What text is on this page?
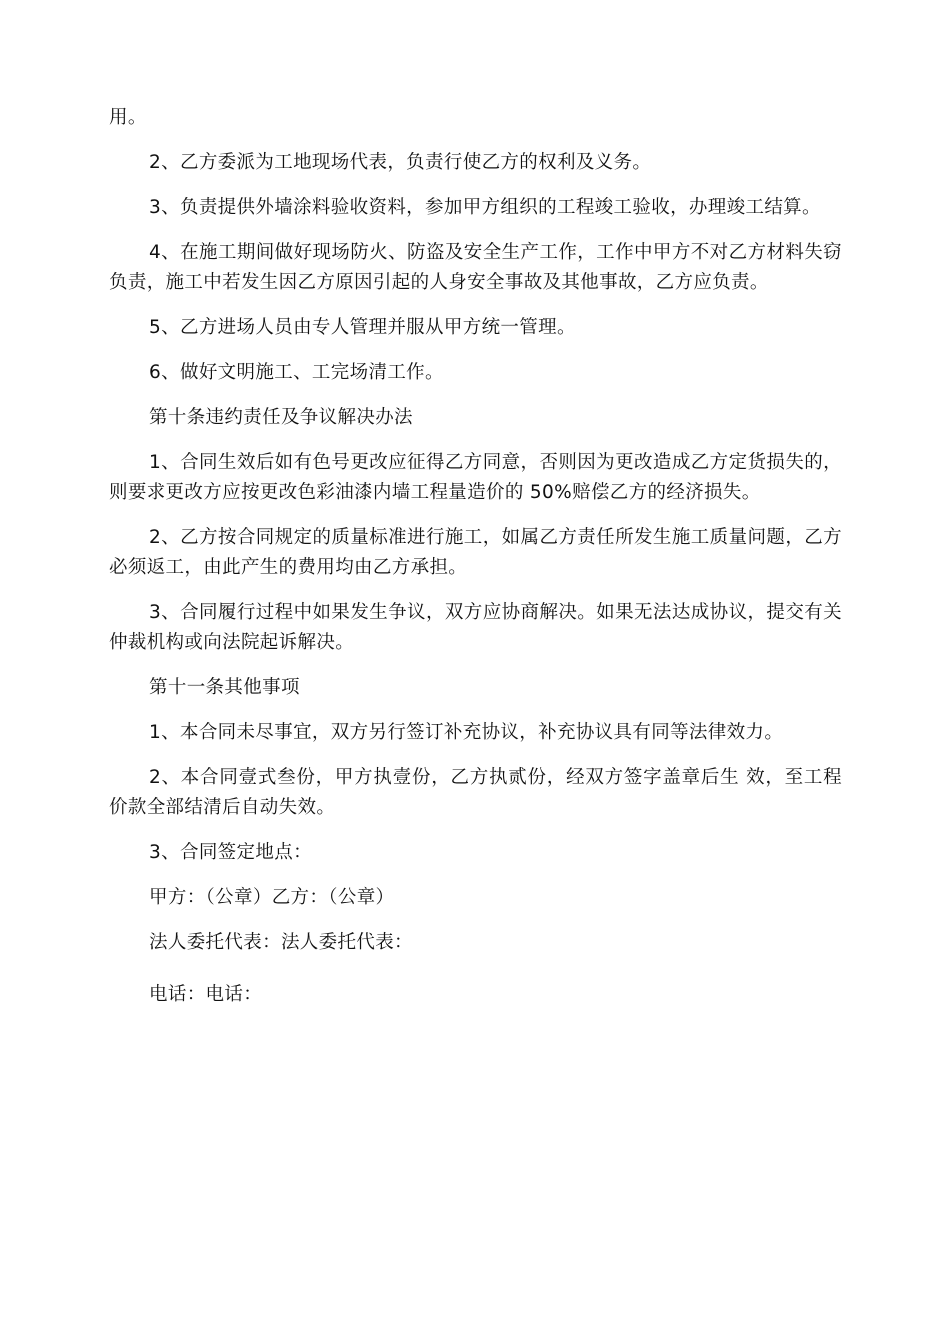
用。

2、乙方委派为工地现场代表，负责行使乙方的权利及义务。

3、负责提供外墙涂料验收资料，参加甲方组织的工程竣工验收，办理竣工结算。

4、在施工期间做好现场防火、防盗及安全生产工作，工作中甲方不对乙方材料失窃负责，施工中若发生因乙方原因引起的人身安全事故及其他事故，乙方应负责。

5、乙方进场人员由专人管理并服从甲方统一管理。

6、做好文明施工、工完场清工作。

第十条违约责任及争议解决办法

1、合同生效后如有色号更改应征得乙方同意，否则因为更改造成乙方定货损失的，则要求更改方应按更改色彩油漆内墙工程量造价的 50%赔偿乙方的经济损失。

2、乙方按合同规定的质量标准进行施工，如属乙方责任所发生施工质量问题，乙方必须返工，由此产生的费用均由乙方承担。

3、合同履行过程中如果发生争议，双方应协商解决。如果无法达成协议，提交有关仲裁机构或向法院起诉解决。

第十一条其他事项

1、本合同未尽事宜，双方另行签订补充协议，补充协议具有同等法律效力。

2、本合同壹式叁份，甲方执壹份，乙方执贰份，经双方签字盖章后生 效，至工程价款全部结清后自动失效。

3、合同签定地点：

甲方：（公章）乙方：（公章）

法人委托代表：法人委托代表：

电话：电话：
